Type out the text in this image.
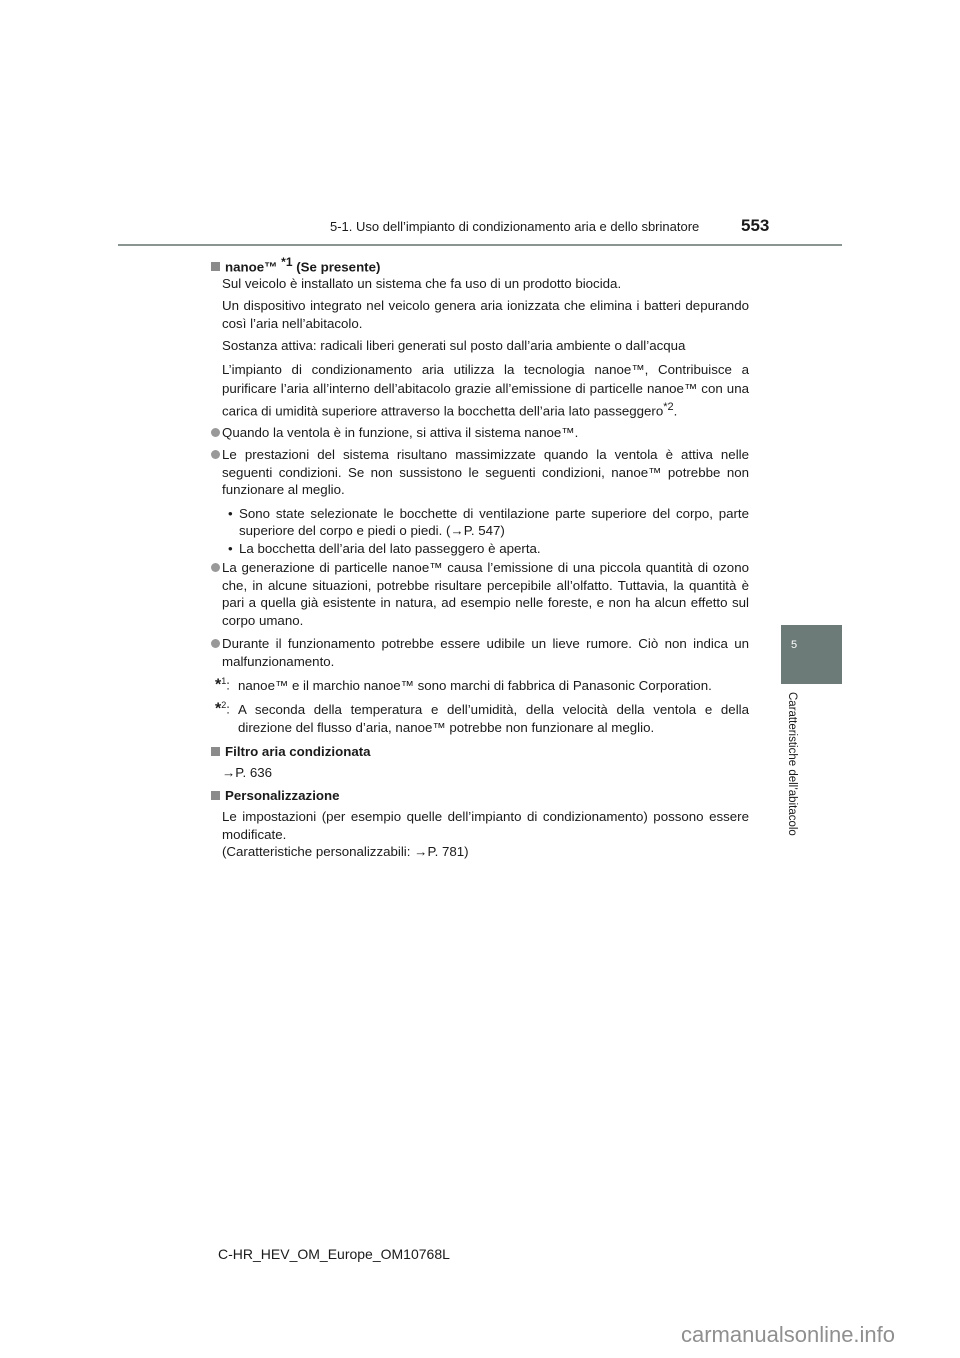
5-1. Uso dell’impianto di condizionamento aria e dello sbrinatore 553
5
Caratteristiche dell’abitacolo
nanoe™ $^{*1}$ (Se presente)
Sul veicolo è installato un sistema che fa uso di un prodotto biocida.
Un dispositivo integrato nel veicolo genera aria ionizzata che elimina i batteri depurando così l’aria nell’abitacolo.
Sostanza attiva: radicali liberi generati sul posto dall’aria ambiente o dall’acqua
L’impianto di condizionamento aria utilizza la tecnologia nanoe™, Contribuisce a purificare l’aria all’interno dell’abitacolo grazie all’emissione di particelle nanoe™ con una carica di umidità superiore attraverso la bocchetta dell’aria lato passeggero$^{*2}$.
Quando la ventola è in funzione, si attiva il sistema nanoe™.
Le prestazioni del sistema risultano massimizzate quando la ventola è attiva nelle seguenti condizioni. Se non sussistono le seguenti condizioni, nanoe™ potrebbe non funzionare al meglio.
• Sono state selezionate le bocchette di ventilazione parte superiore del corpo, parte superiore del corpo e piedi o piedi. (→P. 547)
• La bocchetta dell’aria del lato passeggero è aperta.
La generazione di particelle nanoe™ causa l’emissione di una piccola quantità di ozono che, in alcune situazioni, potrebbe risultare percepibile all’olfatto. Tuttavia, la quantità è pari a quella già esistente in natura, ad esempio nelle foreste, e non ha alcun effetto sul corpo umano.
Durante il funzionamento potrebbe essere udibile un lieve rumore. Ciò non indica un malfunzionamento.
*$^1$: nanoe™ e il marchio nanoe™ sono marchi di fabbrica di Panasonic Corporation.
*$^2$: A seconda della temperatura e dell’umidità, della velocità della ventola e della direzione del flusso d’aria, nanoe™ potrebbe non funzionare al meglio.
Filtro aria condizionata
→P. 636
Personalizzazione
Le impostazioni (per esempio quelle dell’impianto di condizionamento) possono essere modificate.
(Caratteristiche personalizzabili: →P. 781)
C-HR_HEV_OM_Europe_OM10768L
carmanualsonline.info
